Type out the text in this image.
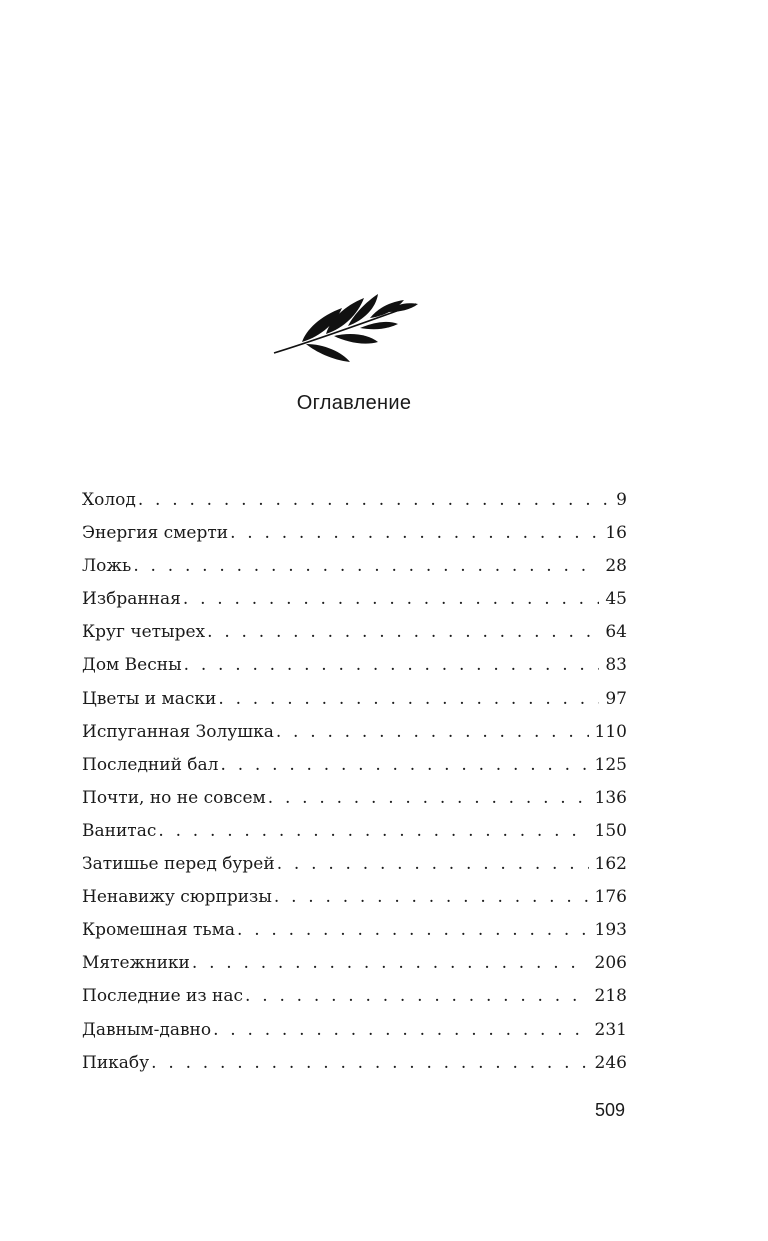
Оглавление
Холод . . .	9
Энергия смерти . . .	16
Ложь . . .	28
Избранная . . .	45
Круг четырех . . .	64
Дом Весны . . .	83
Цветы и маски . . .	97
Испуганная Золушка . . .	110
Последний бал . . .	125
Почти, но не совсем . . .	136
Ванитас . . .	150
Затишье перед бурей . . .	162
Ненавижу сюрпризы . . .	176
Кромешная тьма . . .	193
Мятежники . . .	206
Последние из нас . . .	218
Давным-давно . . .	231
Пикабу . . .	246
509
